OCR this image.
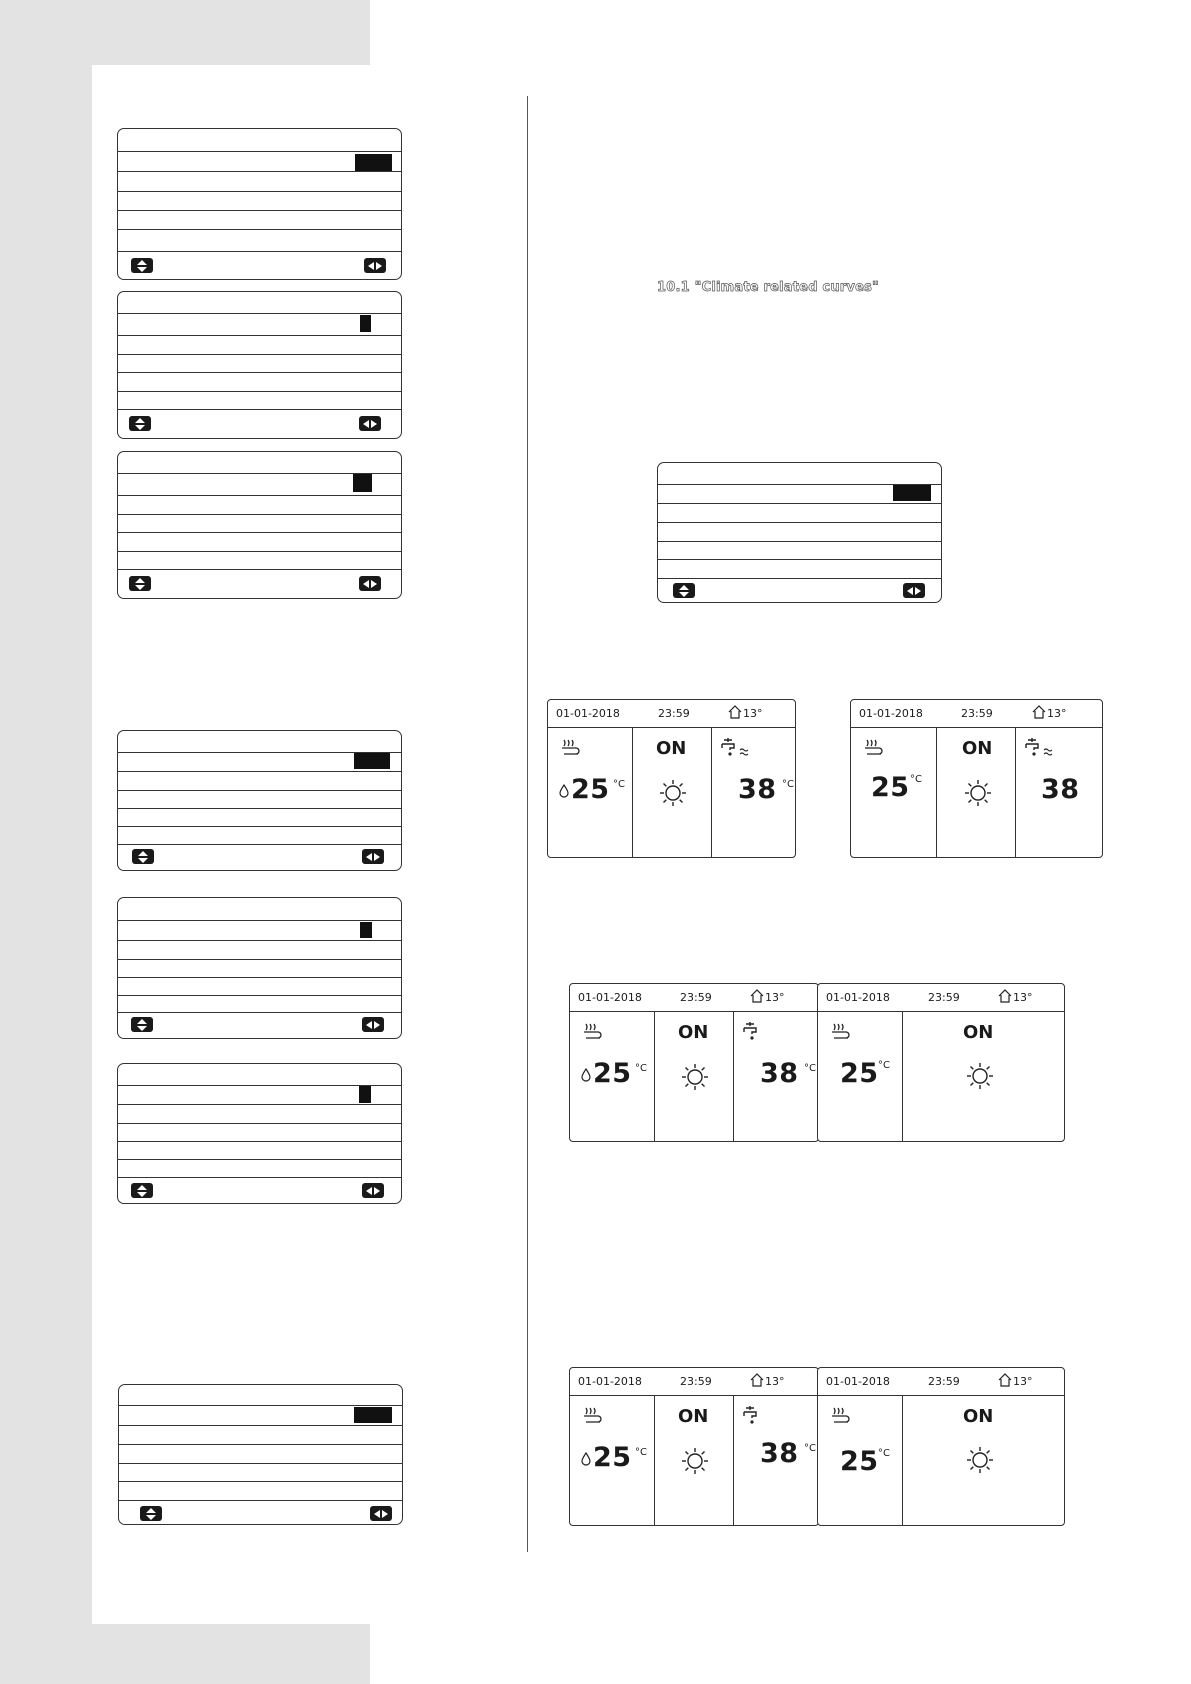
10.1 "Climate related curves"
01-01-2018	23:59	13°
25 °C
ON
38 °C
01-01-2018	23:59	13°
25 °C
ON
38
01-01-2018	23:59	13°
25 °C
ON
38 °C
01-01-2018	23:59	13°
25 °C
ON
01-01-2018	23:59	13°
25 °C
ON
38 °C
01-01-2018	23:59	13°
25 °C
ON
